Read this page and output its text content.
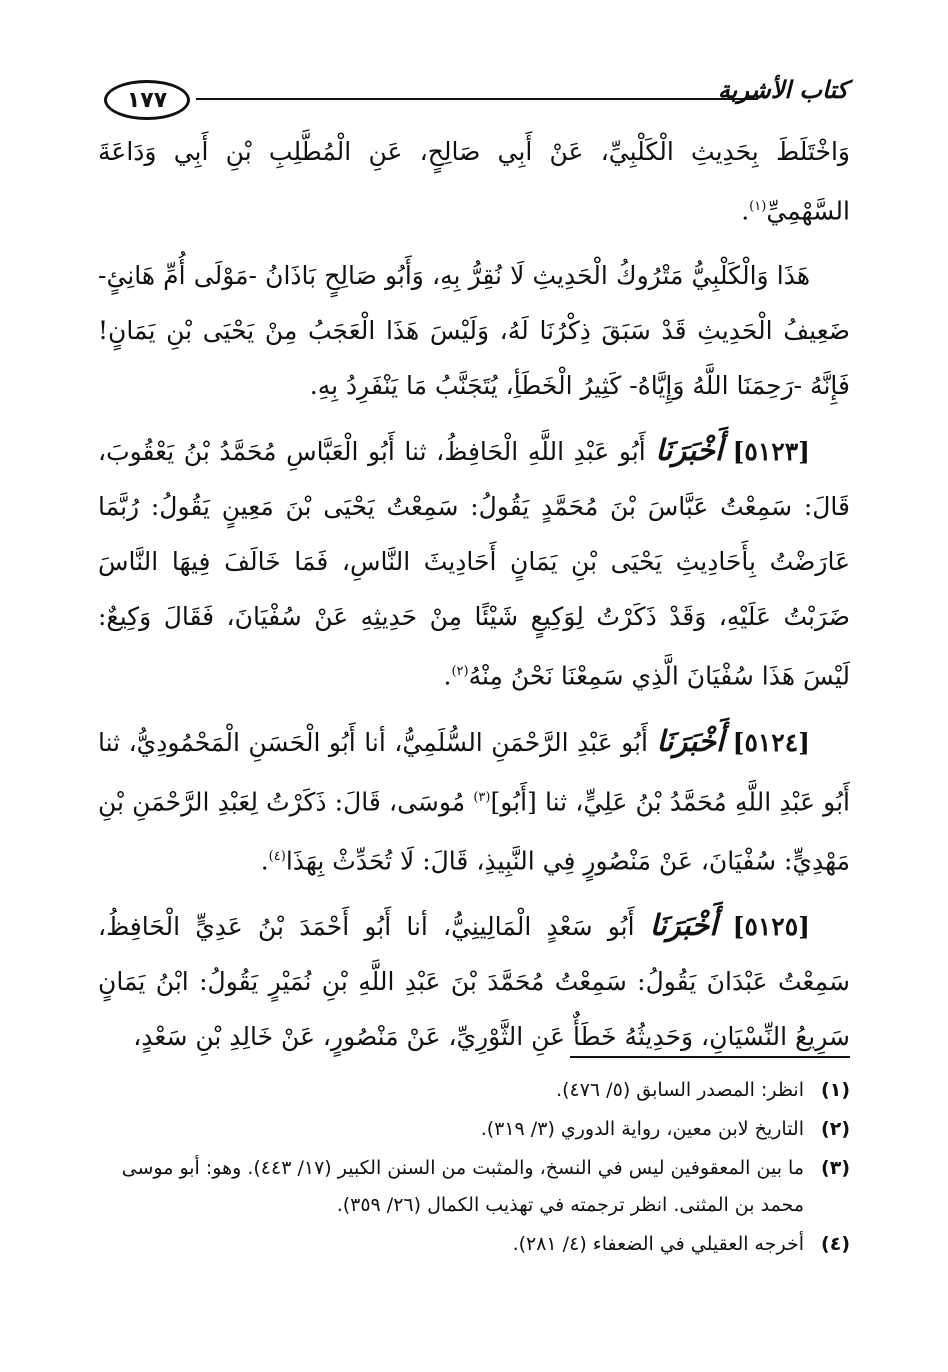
١٧٧	كتاب الأشربة

وَاخْتَلَطَ بِحَدِيثِ الْكَلْبِيِّ، عَنْ أَبِي صَالِحٍ، عَنِ الْمُطَّلِبِ بْنِ أَبِي وَدَاعَةَ السَّهْمِيِّ$^{(١)}$.

هَذَا وَالْكَلْبِيُّ مَتْرُوكُ الْحَدِيثِ لَا نُقِرُّ بِهِ، وَأَبُو صَالِحٍ بَاذَانُ -مَوْلَى أُمِّ هَانِئٍ- ضَعِيفُ الْحَدِيثِ قَدْ سَبَقَ ذِكْرُنَا لَهُ، وَلَيْسَ هَذَا الْعَجَبُ مِنْ يَحْيَى بْنِ يَمَانٍ! فَإِنَّهُ -رَحِمَنَا اللَّهُ وَإِيَّاهُ- كَثِيرُ الْخَطَأِ، يُتَجَنَّبُ مَا يَنْفَرِدُ بِهِ.

[٥١٢٣] أَخْبَرَنَا أَبُو عَبْدِ اللَّهِ الْحَافِظُ، ثنا أَبُو الْعَبَّاسِ مُحَمَّدُ بْنُ يَعْقُوبَ، قَالَ: سَمِعْتُ عَبَّاسَ بْنَ مُحَمَّدٍ يَقُولُ: سَمِعْتُ يَحْيَى بْنَ مَعِينٍ يَقُولُ: رُبَّمَا عَارَضْتُ بِأَحَادِيثِ يَحْيَى بْنِ يَمَانٍ أَحَادِيثَ النَّاسِ، فَمَا خَالَفَ فِيهَا النَّاسَ ضَرَبْتُ عَلَيْهِ، وَقَدْ ذَكَرْتُ لِوَكِيعٍ شَيْئًا مِنْ حَدِيثِهِ عَنْ سُفْيَانَ، فَقَالَ وَكِيعٌ: لَيْسَ هَذَا سُفْيَانَ الَّذِي سَمِعْنَا نَحْنُ مِنْهُ$^{(٢)}$.

[٥١٢٤] أَخْبَرَنَا أَبُو عَبْدِ الرَّحْمَنِ السُّلَمِيُّ، أنا أَبُو الْحَسَنِ الْمَحْمُودِيُّ، ثنا أَبُو عَبْدِ اللَّهِ مُحَمَّدُ بْنُ عَلِيٍّ، ثنا [أَبُو]$^{(٣)}$ مُوسَى، قَالَ: ذَكَرْتُ لِعَبْدِ الرَّحْمَنِ بْنِ مَهْدِيٍّ: سُفْيَانَ، عَنْ مَنْصُورٍ فِي النَّبِيذِ، قَالَ: لَا تُحَدِّثْ بِهَذَا$^{(٤)}$.

[٥١٢٥] أَخْبَرَنَا أَبُو سَعْدٍ الْمَالِينِيُّ، أنا أَبُو أَحْمَدَ بْنُ عَدِيٍّ الْحَافِظُ، سَمِعْتُ عَبْدَانَ يَقُولُ: سَمِعْتُ مُحَمَّدَ بْنَ عَبْدِ اللَّهِ بْنِ نُمَيْرٍ يَقُولُ: ابْنُ يَمَانٍ سَرِيعُ النِّسْيَانِ، وَحَدِيثُهُ خَطَأٌ عَنِ الثَّوْرِيِّ، عَنْ مَنْصُورٍ، عَنْ خَالِدِ بْنِ سَعْدٍ،

(١)
انظر: المصدر السابق (٥/ ٤٧٦).
(٢)
التاريخ لابن معين، رواية الدوري (٣/ ٣١٩).
(٣)
ما بين المعقوفين ليس في النسخ، والمثبت من السنن الكبير (١٧/ ٤٤٣). وهو: أبو موسى محمد بن المثنى. انظر ترجمته في تهذيب الكمال (٢٦/ ٣٥٩).
(٤)
أخرجه العقيلي في الضعفاء (٤/ ٢٨١).
